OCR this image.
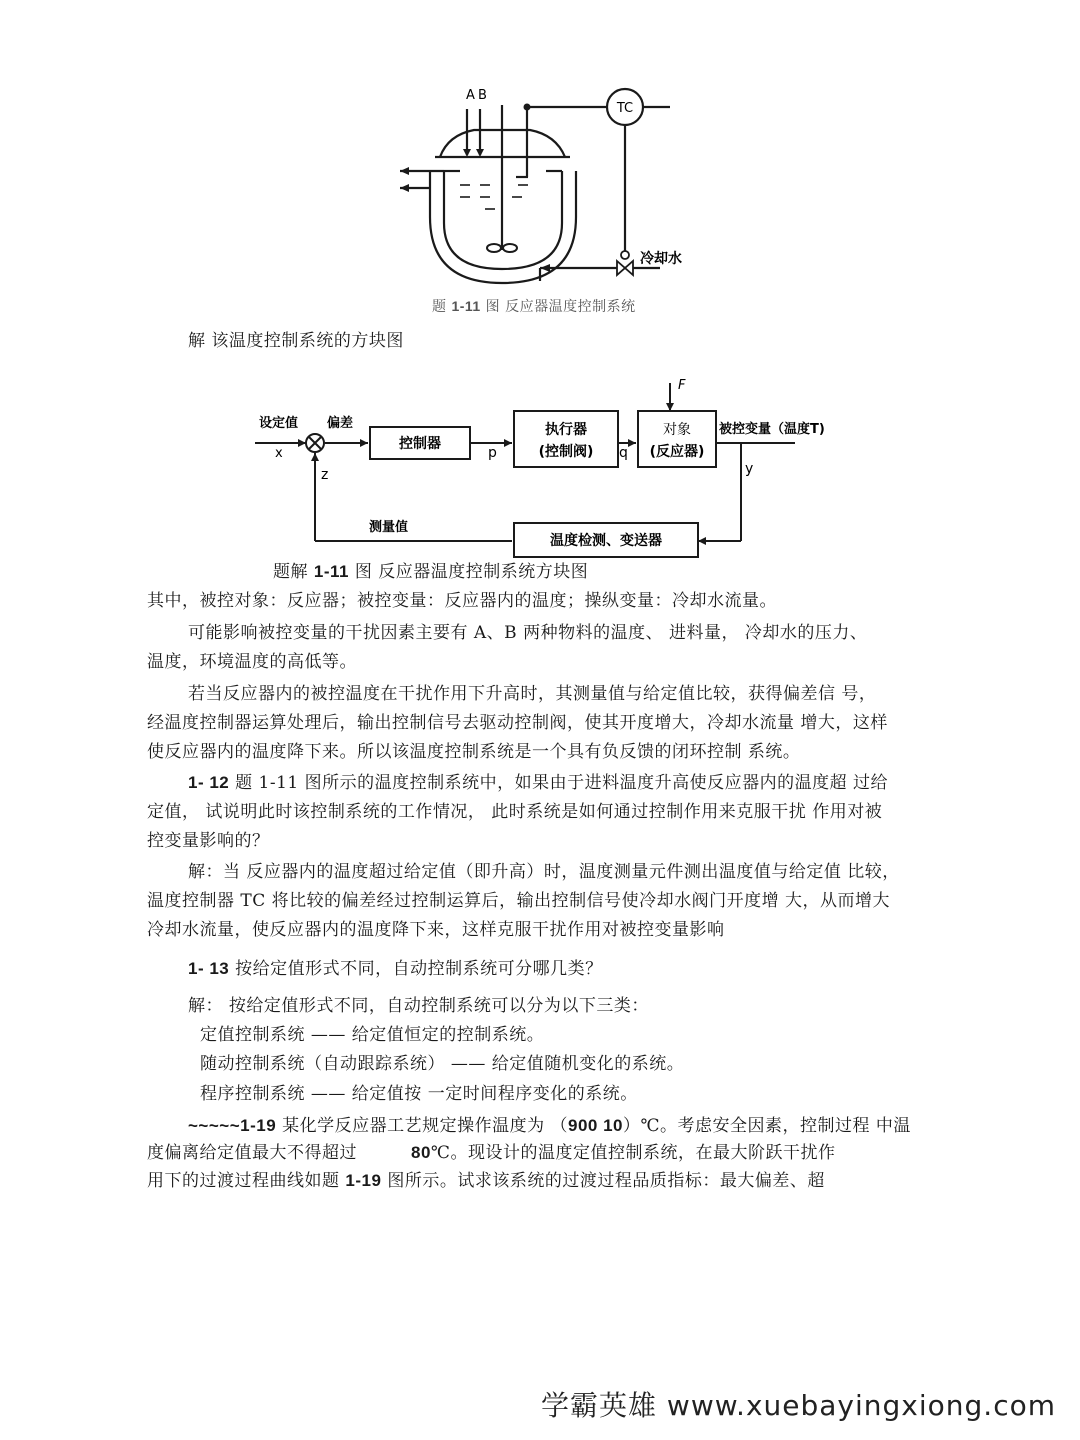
TC
A B
冷却水
题 1-11 图 反应器温度控制系统
解 该温度控制系统的方块图
F
设定值
x
偏差
控制器
p
执行器
(控制阀) q
对象
(反应器)
被控变量（温度T)
y
z
测量值
温度检测、变送器
题解 1-11 图 反应器温度控制系统方块图
其中，被控对象：反应器；被控变量：反应器内的温度；操纵变量：冷却水流量。
可能影响被控变量的干扰因素主要有 A、B 两种物料的温度、 进料量， 冷却水的压力、
温度，环境温度的高低等。
若当反应器内的被控温度在干扰作用下升高时，其测量值与给定值比较，获得偏差信 号，
经温度控制器运算处理后，输出控制信号去驱动控制阀，使其开度增大，冷却水流量 增大，这样
使反应器内的温度降下来。所以该温度控制系统是一个具有负反馈的闭环控制 系统。
1- 12 题 1-11 图所示的温度控制系统中，如果由于进料温度升高使反应器内的温度超 过给
定值， 试说明此时该控制系统的工作情况， 此时系统是如何通过控制作用来克服干扰 作用对被
控变量影响的？
解：当 反应器内的温度超过给定值（即升高）时，温度测量元件测出温度值与给定值 比较，
温度控制器 TC 将比较的偏差经过控制运算后，输出控制信号使冷却水阀门开度增 大，从而增大
冷却水流量，使反应器内的温度降下来，这样克服干扰作用对被控变量影响
1- 13 按给定值形式不同，自动控制系统可分哪几类？
解： 按给定值形式不同，自动控制系统可以分为以下三类：
定值控制系统 —— 给定值恒定的控制系统。
随动控制系统（自动跟踪系统） —— 给定值随机变化的系统。
程序控制系统 —— 给定值按 一定时间程序变化的系统。
~~~~~1-19 某化学反应器工艺规定操作温度为 （900 10）℃。考虑安全因素，控制过程 中温
度偏离给定值最大不得超过	80℃。现设计的温度定值控制系统，在最大阶跃干扰作
用下的过渡过程曲线如题 1-19 图所示。试求该系统的过渡过程品质指标：最大偏差、超
学霸英雄 www.xuebayingxiong.com
